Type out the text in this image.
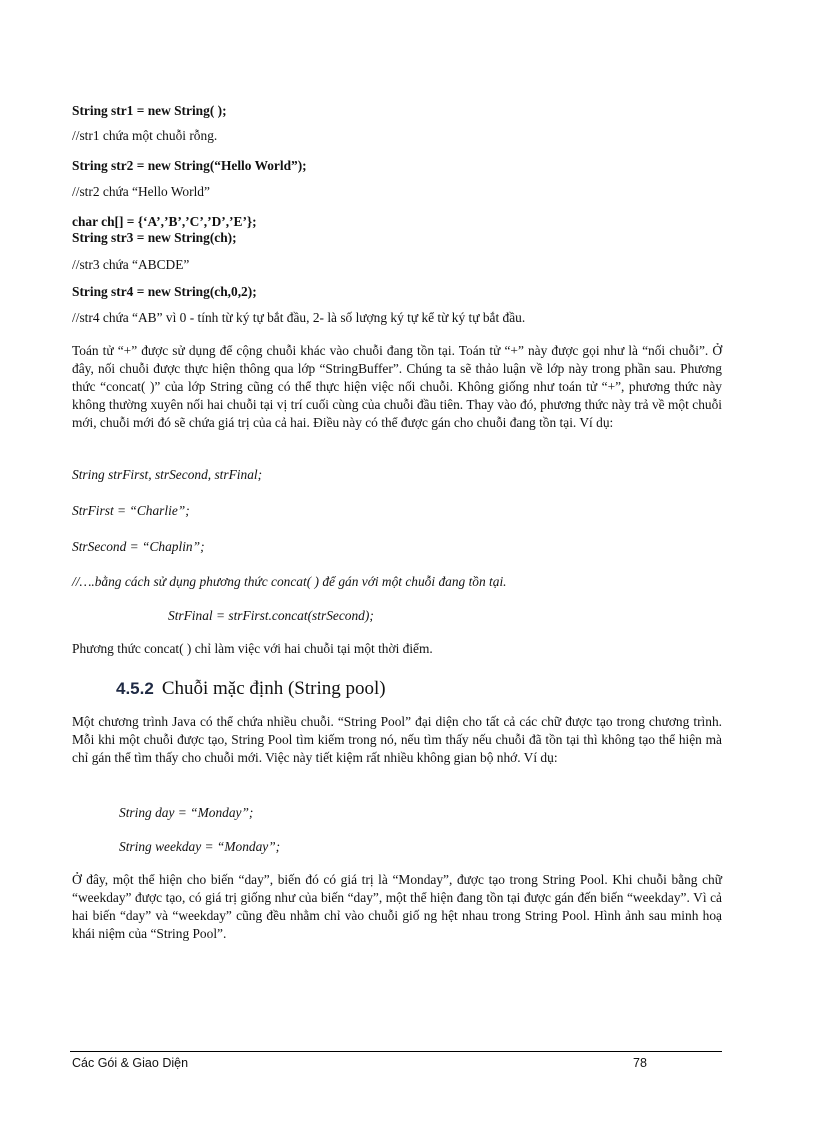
String str1 = new String( );

//str1 chứa một chuỗi rỗng.

String str2 = new String(“Hello World”);

//str2 chứa “Hello World”

char ch[] = {‘A’,’B’,’C’,’D’,’E’};

String str3 = new String(ch);

//str3 chứa “ABCDE”

String str4 = new String(ch,0,2);

//str4 chứa “AB” vì 0 - tính từ ký tự bắt đầu, 2- là số lượng ký tự kể từ ký tự bắt đầu.

Toán tử “+” được sử dụng để cộng chuỗi khác vào chuỗi đang tồn tại. Toán tử “+” này được gọi như là “nối chuỗi”. Ở đây, nối chuỗi được thực hiện thông qua lớp “StringBuffer”. Chúng ta sẽ thảo luận về lớp này trong phần sau. Phương thức “concat( )” của lớp String cũng có thể thực hiện việc nối chuỗi. Không giống như toán tử “+”, phương thức này không thường xuyên nối hai chuỗi tại vị trí cuối cùng của chuỗi đầu tiên. Thay vào đó, phương thức này trả về một chuỗi mới, chuỗi mới đó sẽ chứa giá trị của cả hai. Điều này có thể được gán cho chuỗi đang tồn tại. Ví dụ:

String strFirst, strSecond, strFinal;

StrFirst = “Charlie”;

StrSecond = “Chaplin”;

//….bằng cách sử dụng phương thức concat( ) để gán với một chuỗi đang tồn tại.

StrFinal = strFirst.concat(strSecond);

Phương thức concat( ) chỉ làm việc với hai chuỗi tại một thời điểm.

4.5.2 Chuỗi mặc định (String pool)

Một chương trình Java có thể chứa nhiều chuỗi. “String Pool” đại diện cho tất cả các chữ được tạo trong chương trình. Mỗi khi một chuỗi được tạo, String Pool tìm kiếm trong nó, nếu tìm thấy nếu chuỗi đã tồn tại thì không tạo thể hiện mà chỉ gán thể tìm thấy cho chuỗi mới. Việc này tiết kiệm rất nhiều không gian bộ nhớ. Ví dụ:

String day = “Monday”;

String weekday = “Monday”;

Ở đây, một thể hiện cho biến “day”, biến đó có giá trị là “Monday”, được tạo trong String Pool. Khi chuỗi bằng chữ “weekday” được tạo, có giá trị giống như của biến “day”, một thể hiện đang tồn tại được gán đến biến “weekday”. Vì cả hai biến “day” và “weekday” cũng đều nhằm chỉ vào chuỗi giố ng hệt nhau trong String Pool. Hình ảnh sau minh hoạ khái niệm của “String Pool”.

Các Gói & Giao Diện	78
